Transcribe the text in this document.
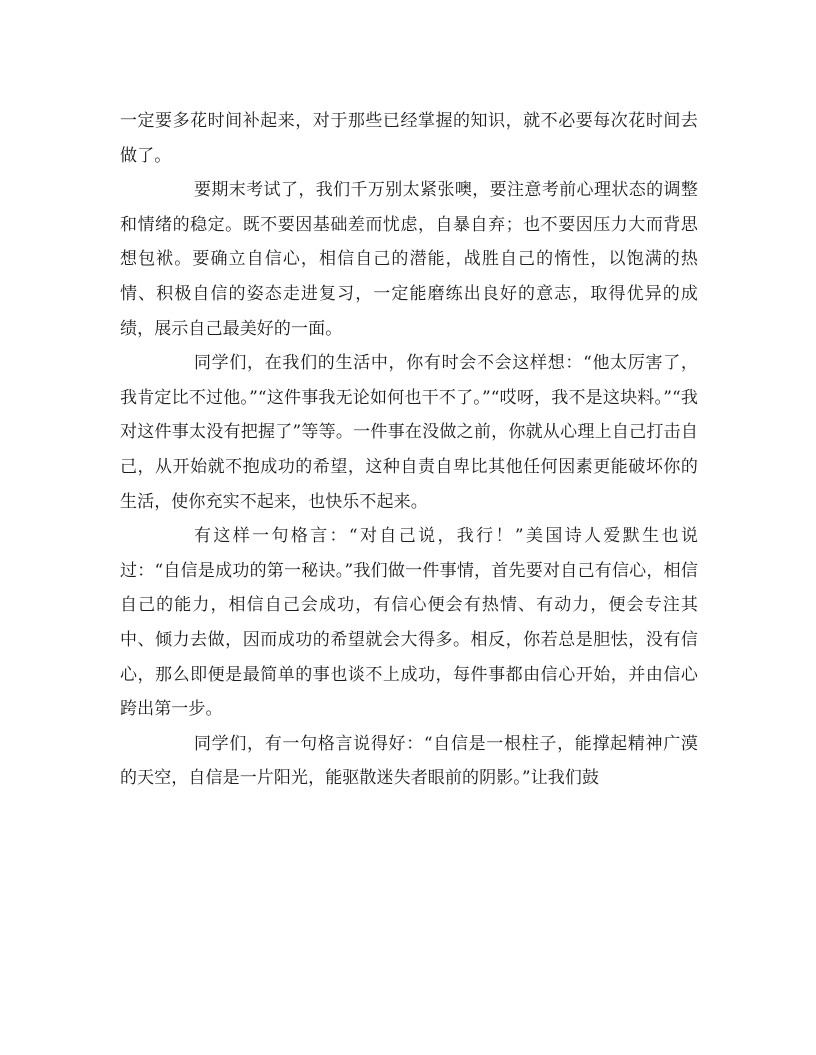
一定要多花时间补起来，对于那些已经掌握的知识，就不必要每次花时间去做了。

要期末考试了，我们千万别太紧张噢，要注意考前心理状态的调整和情绪的稳定。既不要因基础差而忧虑，自暴自弃；也不要因压力大而背思想包袱。要确立自信心，相信自己的潜能，战胜自己的惰性，以饱满的热情、积极自信的姿态走进复习，一定能磨练出良好的意志，取得优异的成绩，展示自己最美好的一面。

同学们，在我们的生活中，你有时会不会这样想：“他太厉害了，我肯定比不过他。”“这件事我无论如何也干不了。”“哎呀，我不是这块料。”“我对这件事太没有把握了”等等。一件事在没做之前，你就从心理上自己打击自己，从开始就不抱成功的希望，这种自责自卑比其他任何因素更能破坏你的生活，使你充实不起来，也快乐不起来。

有这样一句格言：“对自己说，我行！”美国诗人爱默生也说过：“自信是成功的第一秘诀。”我们做一件事情，首先要对自己有信心，相信自己的能力，相信自己会成功，有信心便会有热情、有动力，便会专注其中、倾力去做，因而成功的希望就会大得多。相反，你若总是胆怯，没有信心，那么即便是最简单的事也谈不上成功，每件事都由信心开始，并由信心跨出第一步。

同学们，有一句格言说得好：“自信是一根柱子，能撑起精神广漠的天空，自信是一片阳光，能驱散迷失者眼前的阴影。”让我们鼓
